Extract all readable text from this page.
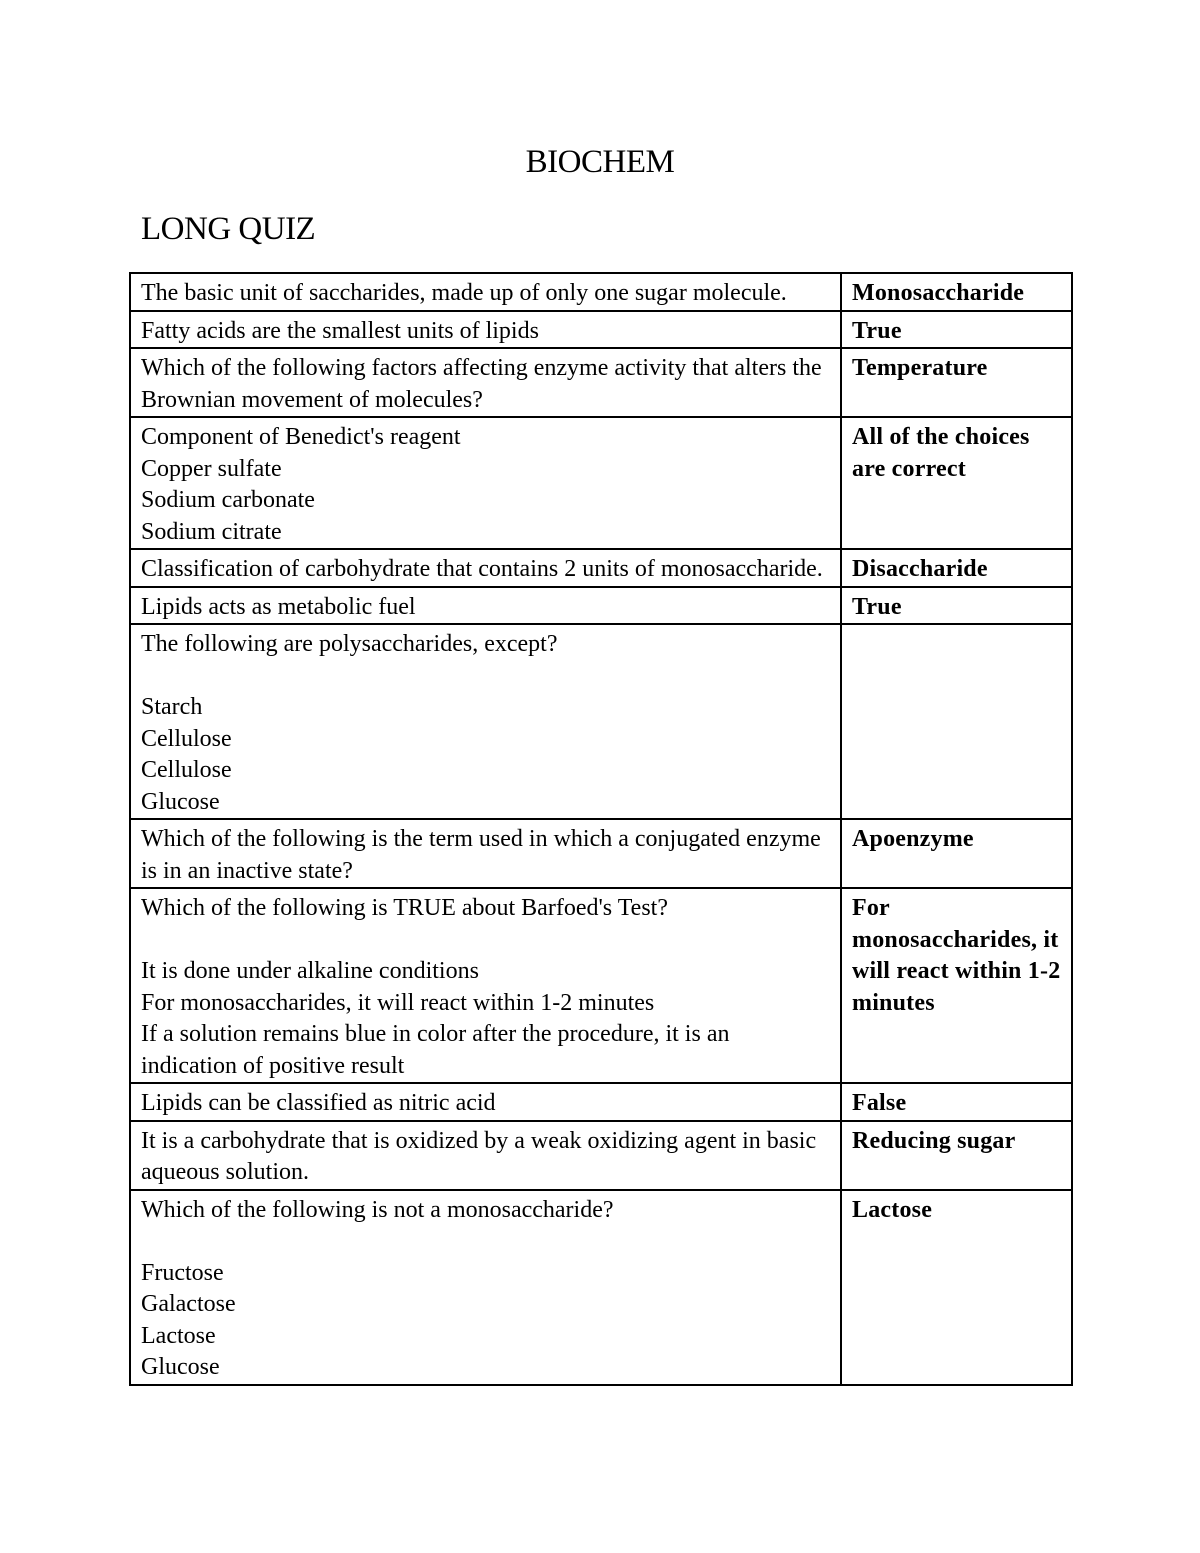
BIOCHEM
LONG QUIZ
The basic unit of saccharides, made up of only one sugar molecule.	Monosaccharide

Fatty acids are the smallest units of lipids	True

Which of the following factors affecting enzyme activity that alters the Brownian movement of molecules?	Temperature

Component of Benedict's reagent
Copper sulfate
Sodium carbonate
Sodium citrate	All of the choices are correct

Classification of carbohydrate that contains 2 units of monosaccharide.	Disaccharide

Lipids acts as metabolic fuel	True

The following are polysaccharides, except?
Starch
Cellulose
Cellulose
Glucose	

Which of the following is the term used in which a conjugated enzyme is in an inactive state?	Apoenzyme

Which of the following is TRUE about Barfoed's Test?
It is done under alkaline conditions
For monosaccharides, it will react within 1-2 minutes
If a solution remains blue in color after the procedure, it is an indication of positive result	For monosaccharides, it will react within 1-2 minutes

Lipids can be classified as nitric acid	False

It is a carbohydrate that is oxidized by a weak oxidizing agent in basic aqueous solution.	Reducing sugar

Which of the following is not a monosaccharide?
Fructose
Galactose
Lactose
Glucose	Lactose
